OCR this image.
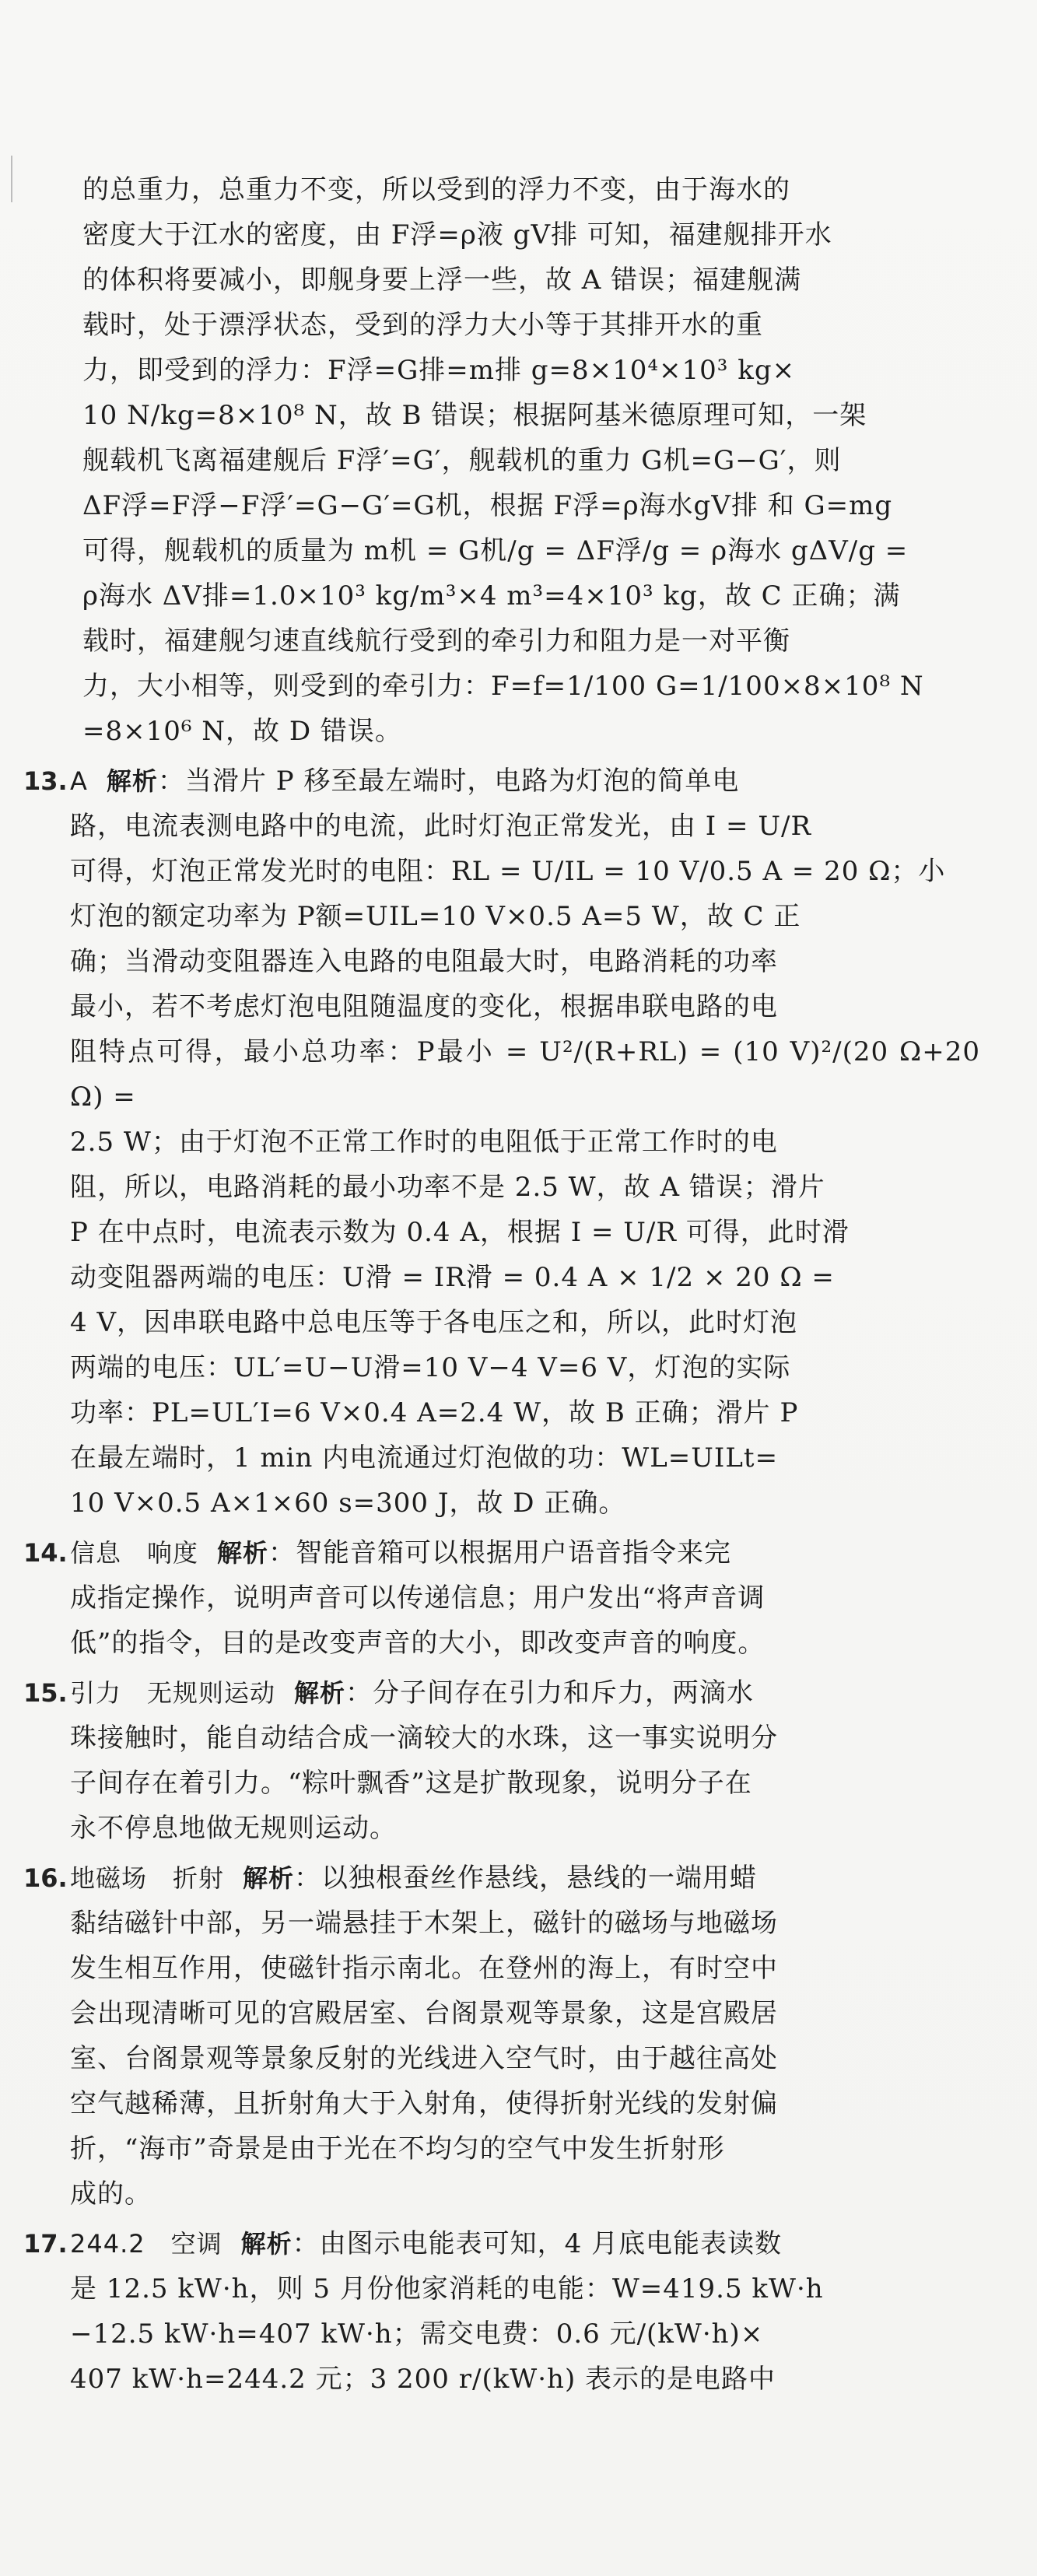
的总重力，总重力不变，所以受到的浮力不变，由于海水的

密度大于江水的密度，由 F浮=ρ液 gV排 可知，福建舰排开水

的体积将要减小，即舰身要上浮一些，故 A 错误；福建舰满

载时，处于漂浮状态，受到的浮力大小等于其排开水的重

力，即受到的浮力：F浮=G排=m排 g=8×10⁴×10³ kg×

10 N/kg=8×10⁸ N，故 B 错误；根据阿基米德原理可知，一架

舰载机飞离福建舰后 F浮′=G′，舰载机的重力 G机=G−G′，则

ΔF浮=F浮−F浮′=G−G′=G机，根据 F浮=ρ海水gV排 和 G=mg

可得，舰载机的质量为 m机 = G机/g = ΔF浮/g = ρ海水 gΔV/g =

ρ海水 ΔV排=1.0×10³ kg/m³×4 m³=4×10³ kg，故 C 正确；满

载时，福建舰匀速直线航行受到的牵引力和阻力是一对平衡

力，大小相等，则受到的牵引力：F=f=1/100 G=1/100×8×10⁸ N

=8×10⁶ N，故 D 错误。

13. A 解析：当滑片 P 移至最左端时，电路为灯泡的简单电

路，电流表测电路中的电流，此时灯泡正常发光，由 I = U/R

可得，灯泡正常发光时的电阻：RL = U/IL = 10 V/0.5 A = 20 Ω；小

灯泡的额定功率为 P额=UIL=10 V×0.5 A=5 W，故 C 正

确；当滑动变阻器连入电路的电阻最大时，电路消耗的功率

最小，若不考虑灯泡电阻随温度的变化，根据串联电路的电

阻特点可得，最小总功率：P最小 = U²/(R+RL) = (10 V)²/(20 Ω+20 Ω) =

2.5 W；由于灯泡不正常工作时的电阻低于正常工作时的电

阻，所以，电路消耗的最小功率不是 2.5 W，故 A 错误；滑片

P 在中点时，电流表示数为 0.4 A，根据 I = U/R 可得，此时滑

动变阻器两端的电压：U滑 = IR滑 = 0.4 A × 1/2 × 20 Ω =

4 V，因串联电路中总电压等于各电压之和，所以，此时灯泡

两端的电压：UL′=U−U滑=10 V−4 V=6 V，灯泡的实际

功率：PL=UL′I=6 V×0.4 A=2.4 W，故 B 正确；滑片 P

在最左端时，1 min 内电流通过灯泡做的功：WL=UILt=

10 V×0.5 A×1×60 s=300 J，故 D 正确。

14. 信息　响度 解析：智能音箱可以根据用户语音指令来完

成指定操作，说明声音可以传递信息；用户发出“将声音调

低”的指令，目的是改变声音的大小，即改变声音的响度。

15. 引力　无规则运动 解析：分子间存在引力和斥力，两滴水

珠接触时，能自动结合成一滴较大的水珠，这一事实说明分

子间存在着引力。“粽叶飘香”这是扩散现象，说明分子在

永不停息地做无规则运动。

16. 地磁场　折射 解析：以独根蚕丝作悬线，悬线的一端用蜡

黏结磁针中部，另一端悬挂于木架上，磁针的磁场与地磁场

发生相互作用，使磁针指示南北。在登州的海上，有时空中

会出现清晰可见的宫殿居室、台阁景观等景象，这是宫殿居

室、台阁景观等景象反射的光线进入空气时，由于越往高处

空气越稀薄，且折射角大于入射角，使得折射光线的发射偏

折，“海市”奇景是由于光在不均匀的空气中发生折射形

成的。

17. 244.2　空调 解析：由图示电能表可知，4 月底电能表读数

是 12.5 kW·h，则 5 月份他家消耗的电能：W=419.5 kW·h

−12.5 kW·h=407 kW·h；需交电费：0.6 元/(kW·h)×

407 kW·h=244.2 元；3 200 r/(kW·h) 表示的是电路中
